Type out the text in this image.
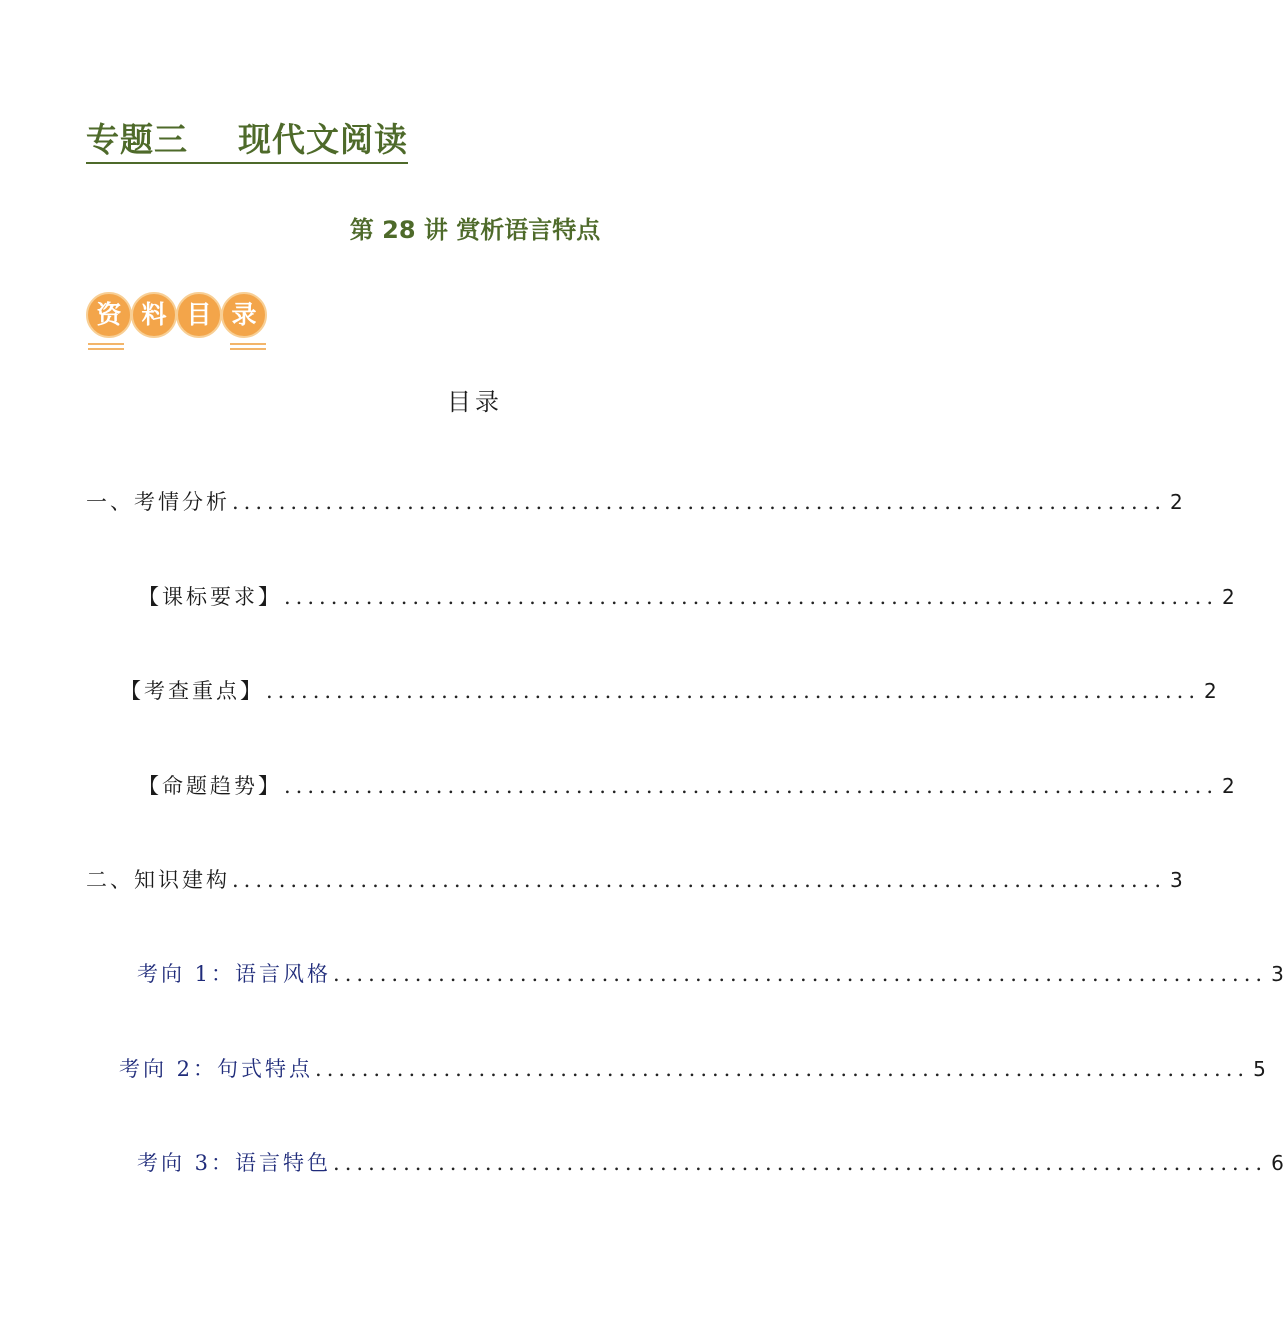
专题三    现代文阅读
第 28 讲 赏析语言特点
资 料 目 录
目录
一、考情分析 ................................................................................ 2
【课标要求】 ................................................................................ 2
【考查重点】 ................................................................................ 2
【命题趋势】 ................................................................................ 2
二、知识建构 ................................................................................ 3
考向 1：语言风格 ................................................................................ 3
考向 2：句式特点 ................................................................................ 5
考向 3：语言特色 ................................................................................ 6
